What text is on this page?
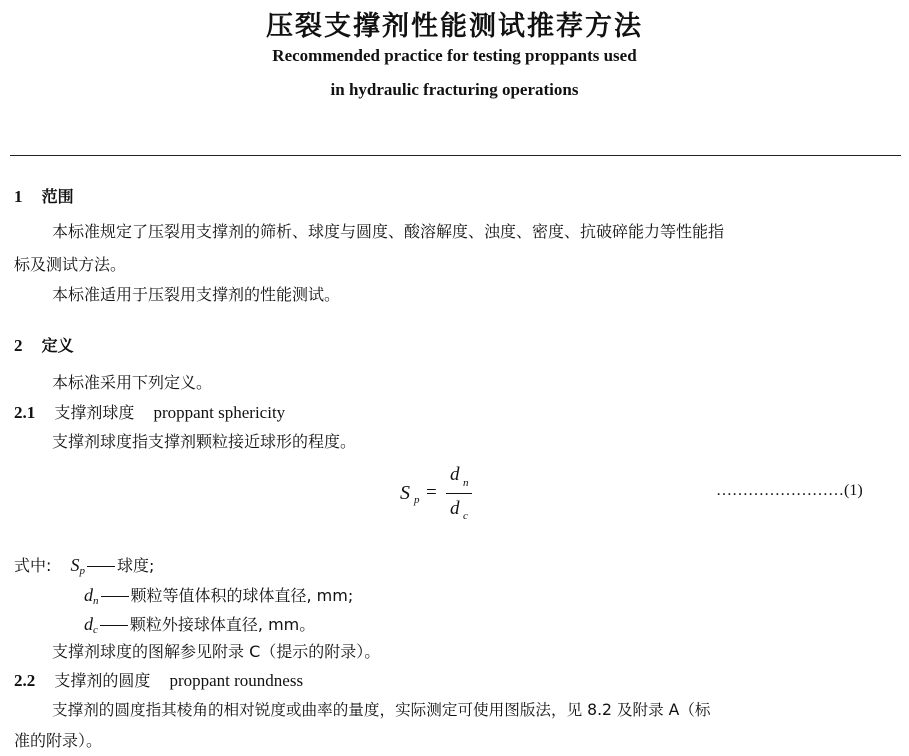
压裂支撑剂性能测试推荐方法
Recommended practice for testing proppants used
in hydraulic fracturing operations
1 范围
本标准规定了压裂用支撑剂的筛析、球度与圆度、酸溶解度、浊度、密度、抗破碎能力等性能指
标及测试方法。
本标准适用于压裂用支撑剂的性能测试。
2 定义
本标准采用下列定义。
2.1 支撑剂球度 proppant sphericity
支撑剂球度指支撑剂颗粒接近球形的程度。
S p =
d n
d c
……………………(1)
式中: $S_p$ 球度;
$d_n$ 颗粒等值体积的球体直径, mm;
$d_c$ 颗粒外接球体直径, mm。
支撑剂球度的图解参见附录 C（提示的附录）。
2.2 支撑剂的圆度 proppant roundness
支撑剂的圆度指其棱角的相对锐度或曲率的量度，实际测定可使用图版法，见 8.2 及附录 A（标
准的附录）。
